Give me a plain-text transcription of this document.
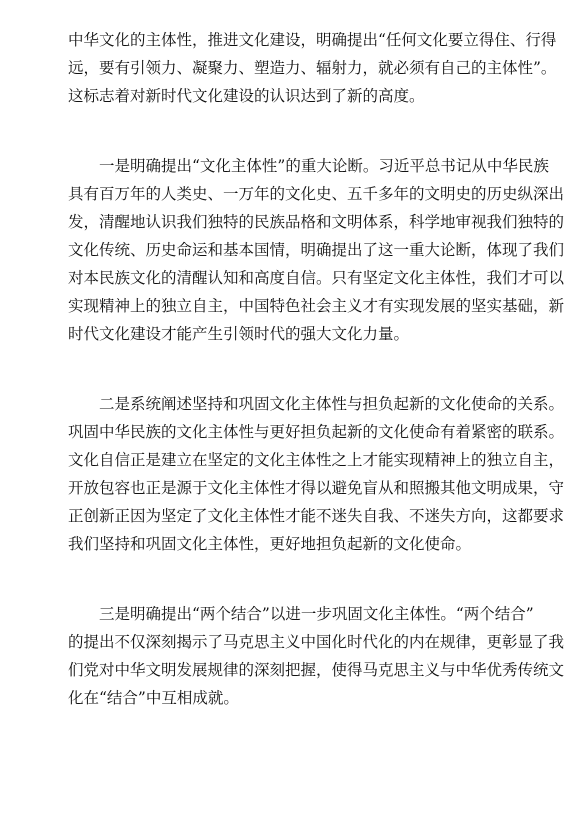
中华文化的主体性，推进文化建设，明确提出“任何文化要立得住、行得
远，要有引领力、凝聚力、塑造力、辐射力，就必须有自己的主体性”。
这标志着对新时代文化建设的认识达到了新的高度。
一是明确提出“文化主体性”的重大论断。习近平总书记从中华民族
具有百万年的人类史、一万年的文化史、五千多年的文明史的历史纵深出
发，清醒地认识我们独特的民族品格和文明体系，科学地审视我们独特的
文化传统、历史命运和基本国情，明确提出了这一重大论断，体现了我们
对本民族文化的清醒认知和高度自信。只有坚定文化主体性，我们才可以
实现精神上的独立自主，中国特色社会主义才有实现发展的坚实基础，新
时代文化建设才能产生引领时代的强大文化力量。
二是系统阐述坚持和巩固文化主体性与担负起新的文化使命的关系。
巩固中华民族的文化主体性与更好担负起新的文化使命有着紧密的联系。
文化自信正是建立在坚定的文化主体性之上才能实现精神上的独立自主，
开放包容也正是源于文化主体性才得以避免盲从和照搬其他文明成果，守
正创新正因为坚定了文化主体性才能不迷失自我、不迷失方向，这都要求
我们坚持和巩固文化主体性，更好地担负起新的文化使命。
三是明确提出“两个结合”以进一步巩固文化主体性。“两个结合”
的提出不仅深刻揭示了马克思主义中国化时代化的内在规律，更彰显了我
们党对中华文明发展规律的深刻把握，使得马克思主义与中华优秀传统文
化在“结合”中互相成就。
